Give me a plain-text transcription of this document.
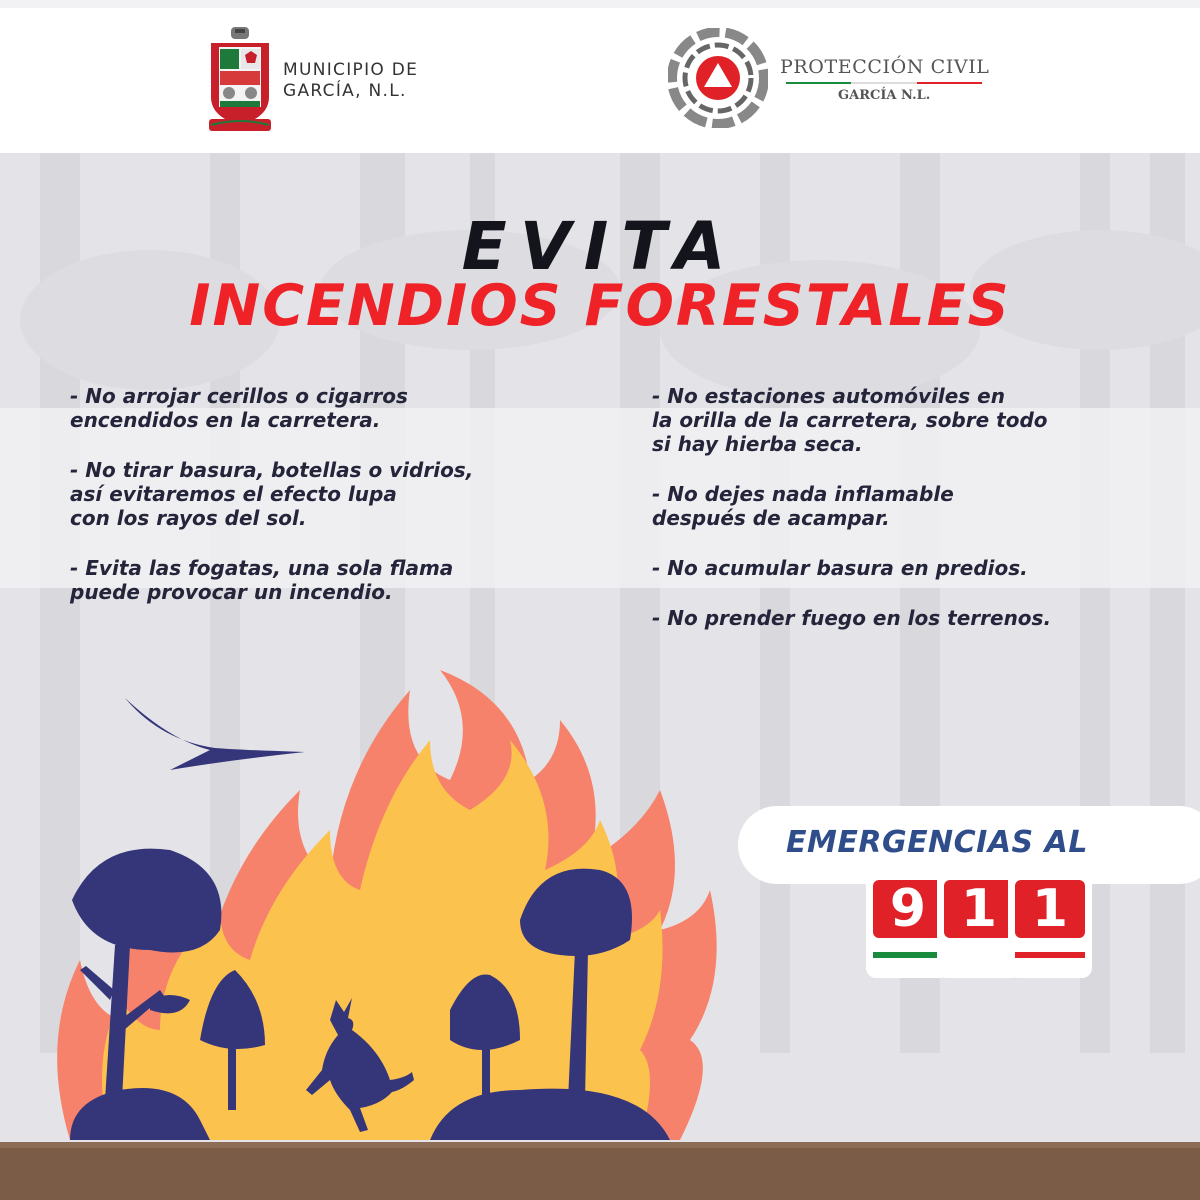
MUNICIPIO DE
GARCÍA, N.L.
PROTECCIÓN CIVIL
GARCÍA N.L.
EVITA
INCENDIOS FORESTALES
- No arrojar cerillos o cigarros
encendidos en la carretera.
- No tirar basura, botellas o vidrios,
así evitaremos el efecto lupa
con los rayos del sol.
- Evita las fogatas, una sola flama
puede provocar un incendio.
- No estaciones automóviles en
la orilla de la carretera, sobre todo
si hay hierba seca.
- No dejes nada inflamable
después de acampar.
- No acumular basura en predios.
- No prender fuego en los terrenos.
EMERGENCIAS AL
9 1 1
